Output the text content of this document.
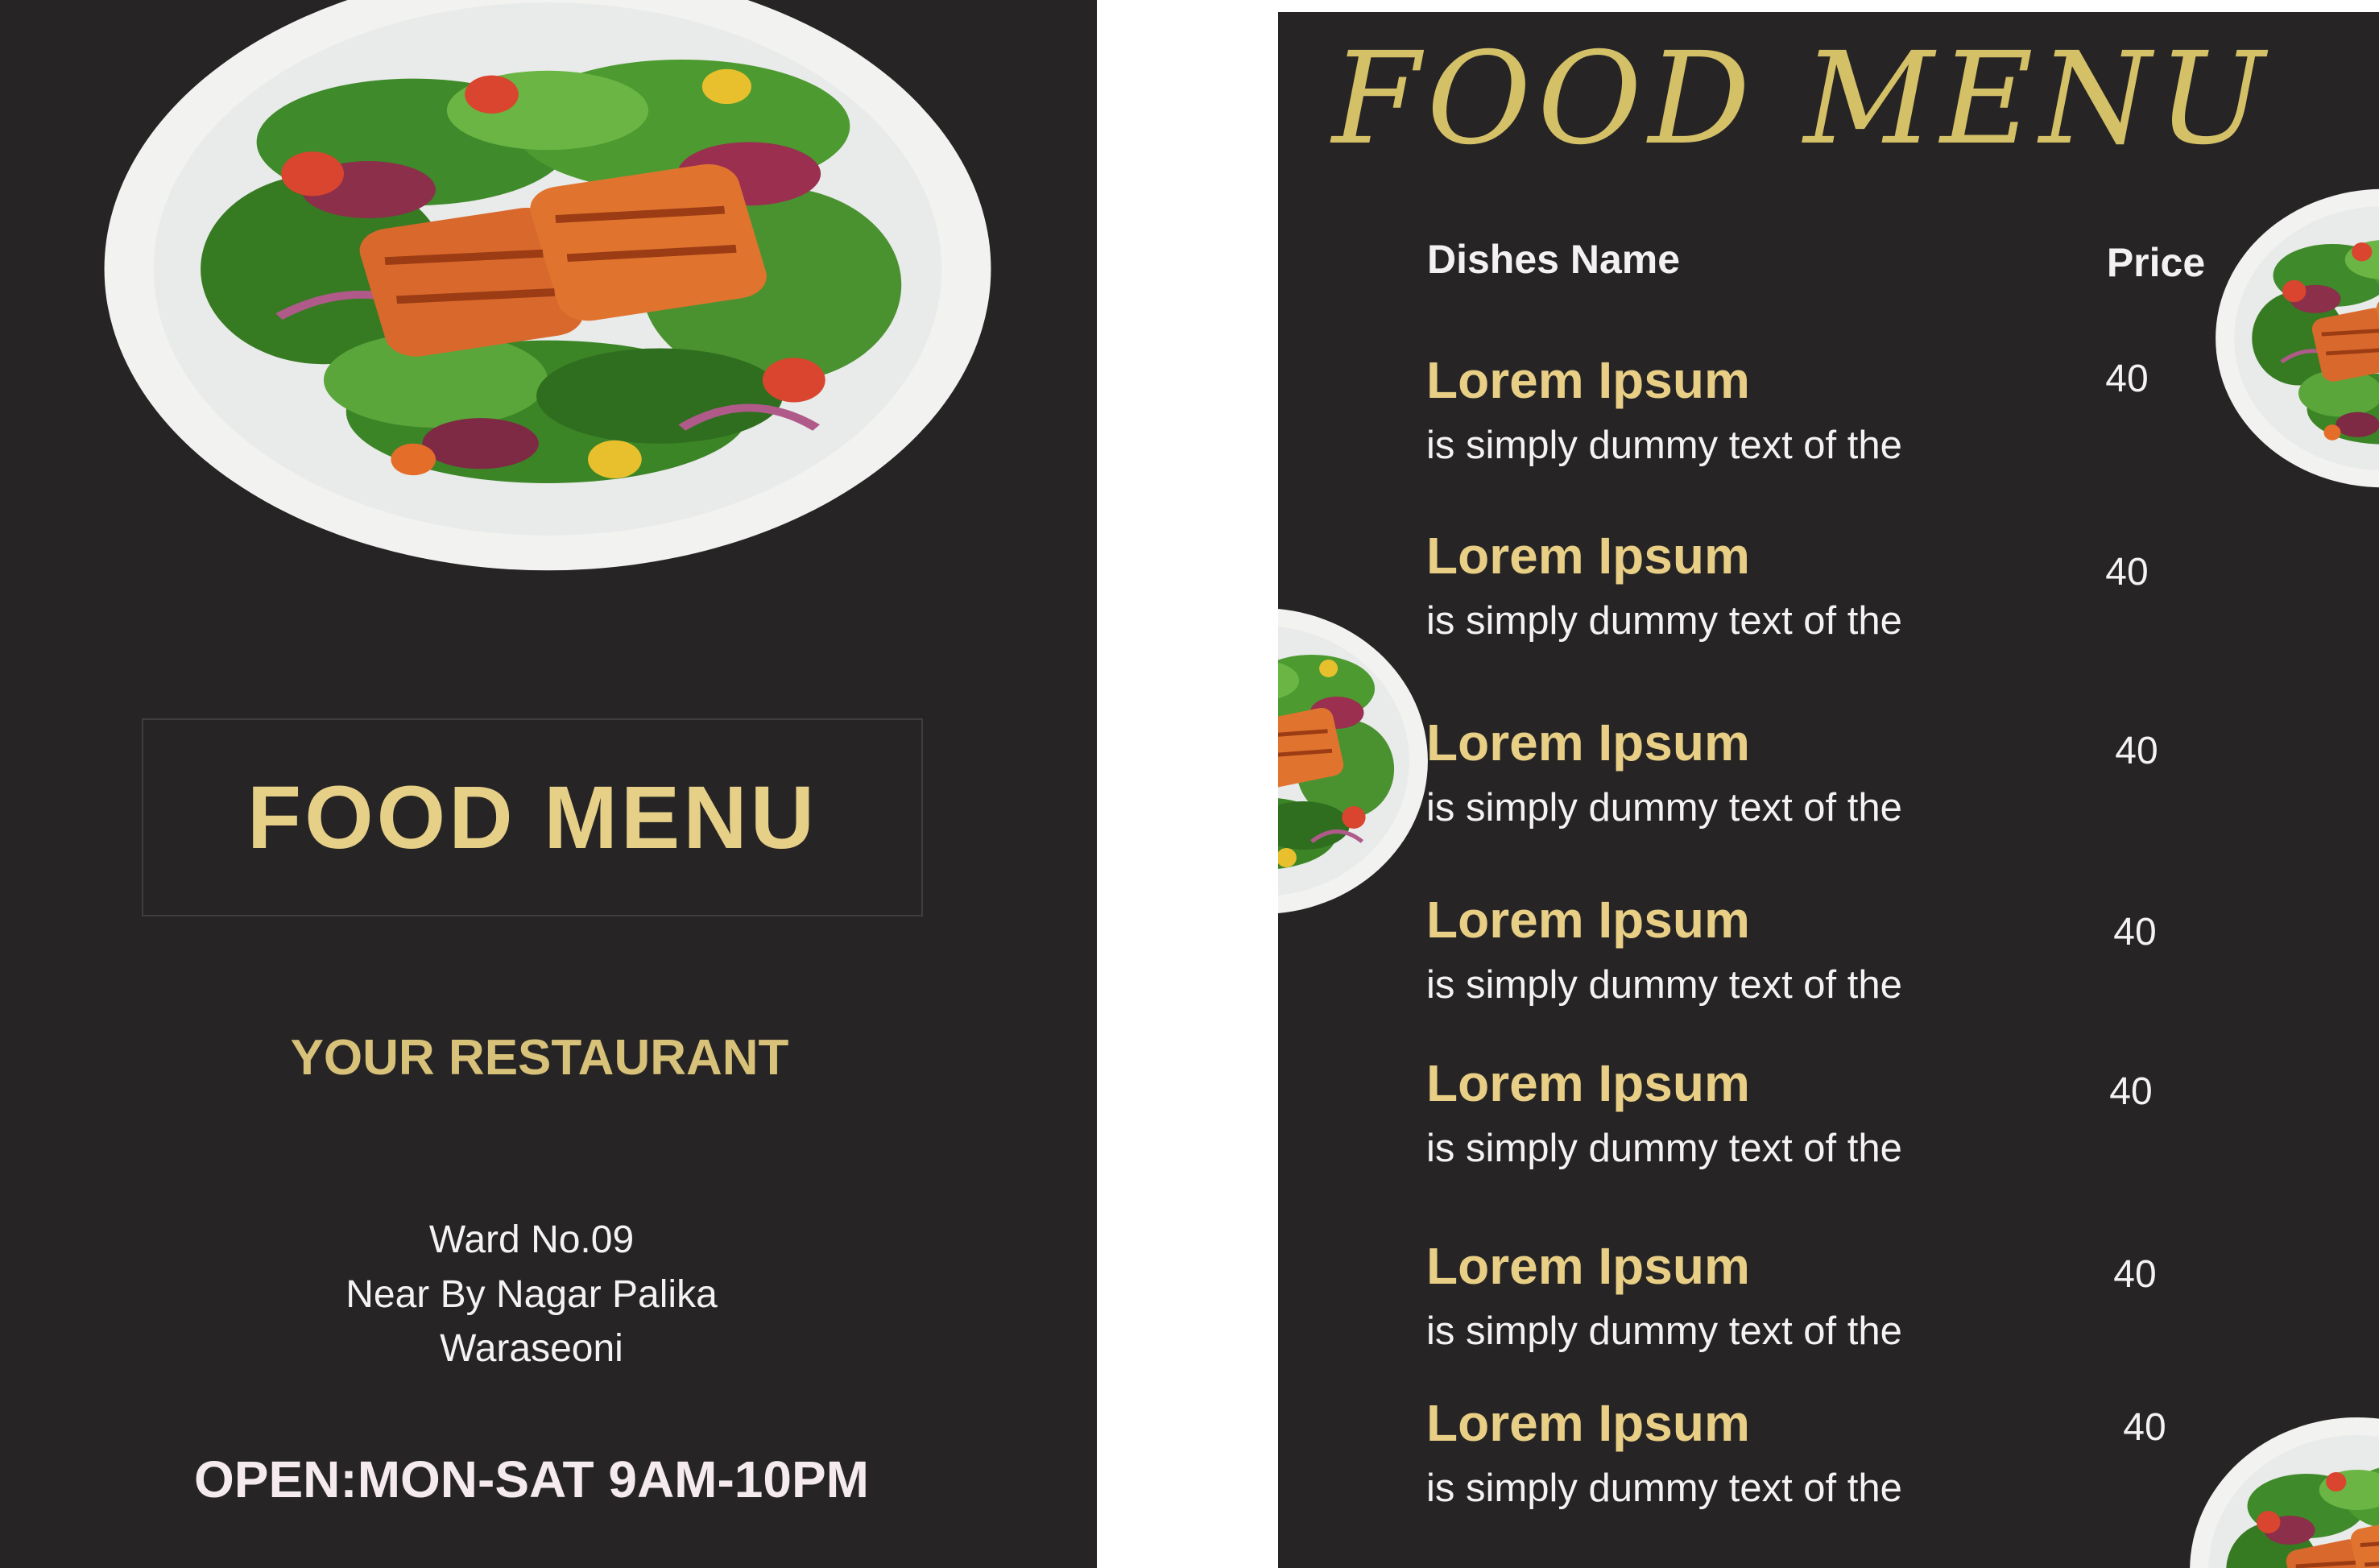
FOOD MENU
YOUR RESTAURANT
Ward No.09
Near By Nagar Palika
Waraseoni
OPEN:MON-SAT 9AM-10PM
FOOD MENU
Dishes Name	Price
Lorem Ipsum
is simply dummy text of the
40
Lorem Ipsum
is simply dummy text of the
40
Lorem Ipsum
is simply dummy text of the
40
Lorem Ipsum
is simply dummy text of the
40
Lorem Ipsum
is simply dummy text of the
40
Lorem Ipsum
is simply dummy text of the
40
Lorem Ipsum
is simply dummy text of the
40
